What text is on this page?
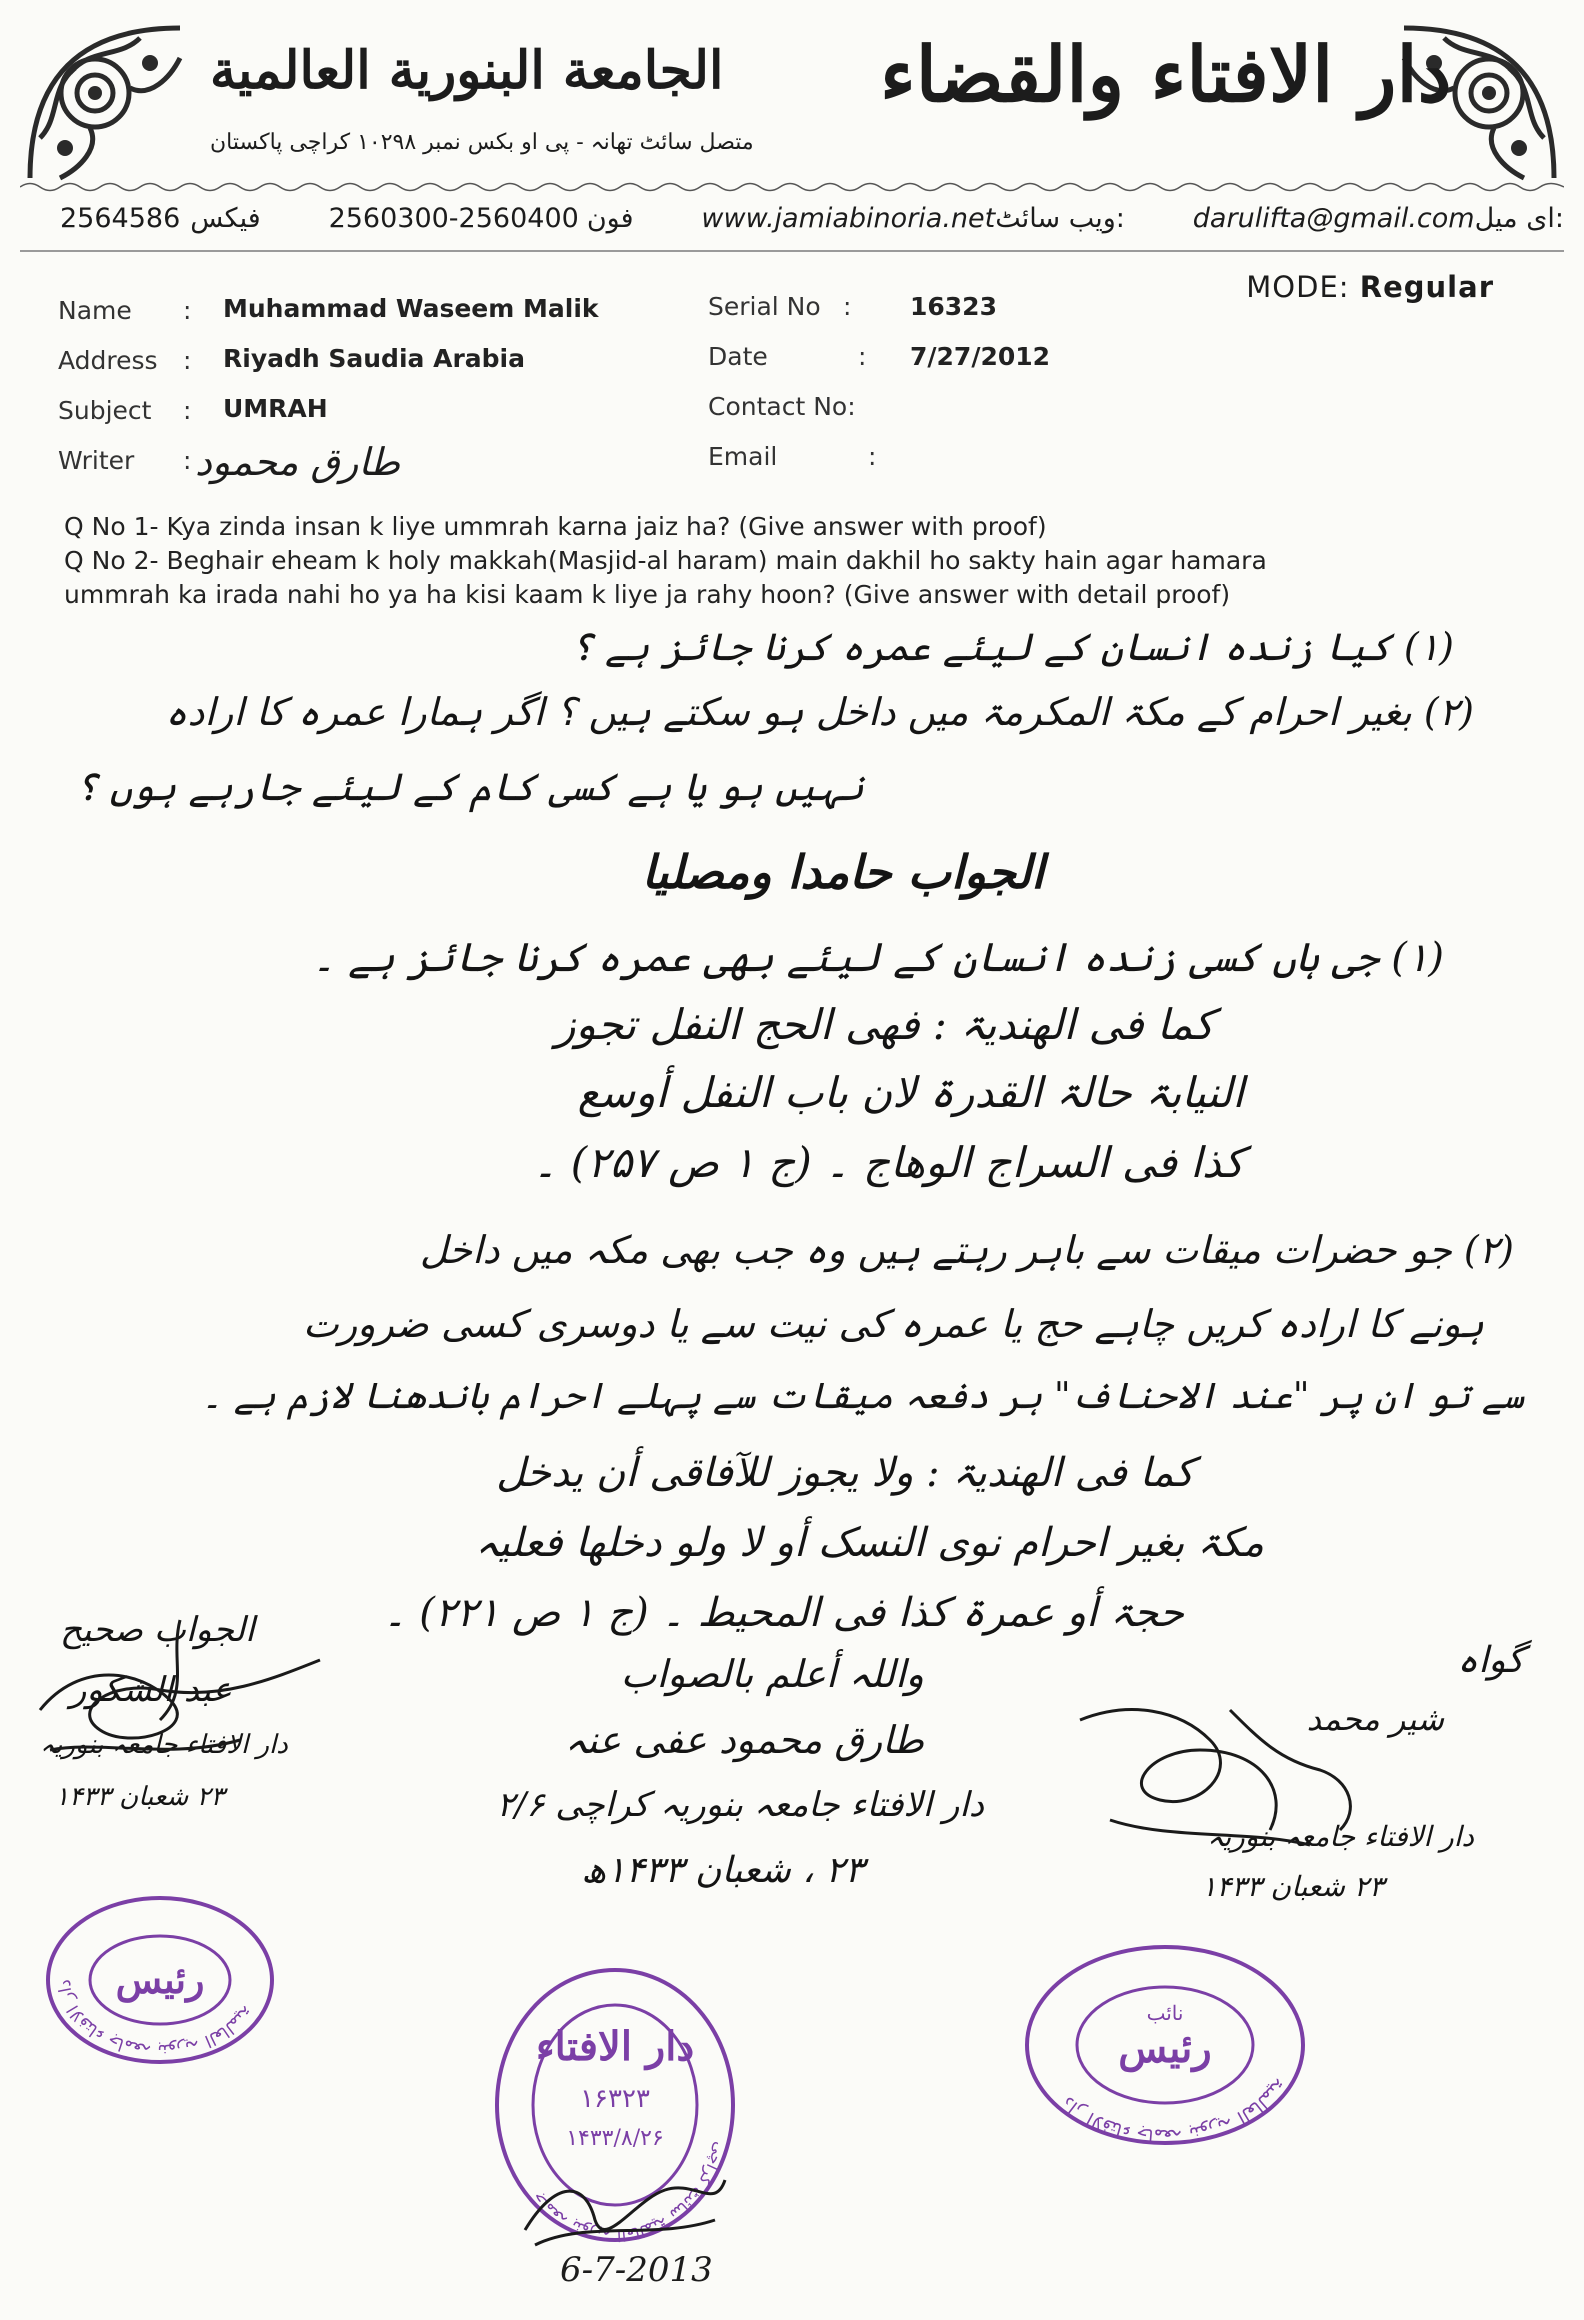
الجامعة البنورية العالمية
متصل سائٹ تھانہ - پی او بکس نمبر ۱۰۲۹۸ کراچی پاکستان
دار الافتاء والقضاء
2564586 فیکس	2560300-2560400 فون	www.jamiabinoria.netویب سائٹ:	darulifta@gmail.comای میل:
MODE: Regular
Name : Muhammad Waseem Malik
Address : Riyadh Saudia Arabia
Subject : UMRAH
Writer : طارق محمود
Serial No : 16323
Date	: 7/27/2012
Contact No:
Email	:
Q No 1- Kya zinda insan k liye ummrah karna jaiz ha? (Give answer with proof)
Q No 2- Beghair eheam k holy makkah(Masjid-al haram) main dakhil ho sakty hain agar hamara
ummrah ka irada nahi ho ya ha kisi kaam k liye ja rahy hoon? (Give answer with detail proof)
(۱) کیا زندہ انسان کے لیئے عمرہ کرنا جائز ہے ؟
(۲) بغیر احرام کے مکۃ المکرمۃ میں داخل ہو سکتے ہیں ؟ اگر ہمارا عمرہ کا ارادہ
نہیں ہو یا ہے کسی کام کے لیئے جارہے ہوں ؟
الجواب حامدا ومصلیا
(۱) جی ہاں کسی زندہ انسان کے لیئے بھی عمرہ کرنا جائز ہے ۔
کما فی الھندیۃ : فھی الحج النفل تجوز
النیابۃ حالۃ القدرۃ لان باب النفل أوسع
کذا فی السراج الوھاج ۔ (ج ۱ ص ۲۵۷) ۔
(۲) جو حضرات میقات سے باہر رہتے ہیں وہ جب بھی مکہ میں داخل
ہونے کا ارادہ کریں چاہے حج یا عمرہ کی نیت سے یا دوسری کسی ضرورت
سے تو ان پر "عند الاحناف" ہر دفعہ میقات سے پہلے احرام باندھنا لازم ہے ۔
کما فی الھندیۃ : ولا یجوز للآفاقی أن یدخل
مکۃ بغیر احرام نوی النسک أو لا ولو دخلھا فعلیہ
حجۃ أو عمرۃ کذا فی المحیط ۔ (ج ۱ ص ۲۲۱) ۔
واللہ أعلم بالصواب
طارق محمود عفی عنہ
دار الافتاء جامعہ بنوریہ کراچی ۲/۶
۲۳ ، شعبان ۱۴۳۳ھ
الجواب صحیح
عبد الشکور
دار الافتاء جامعہ بنوریہ
۲۳ شعبان ۱۴۳۳
گواہ
شیر محمد
دار الافتاء جامعہ بنوریہ
۲۳ شعبان ۱۴۳۳
رئیس
دار الافتاء جامعہ بنوریہ العالمیۃ
دار الافتاء
۱۶۳۲۳
۱۴۳۳/۸/۲۶	جامعہ بنوریہ العالمیۃ سائٹ کراچی
نائب
رئیس
دار الافتاء جامعہ بنوریہ العالمیۃ
6-7-2013
